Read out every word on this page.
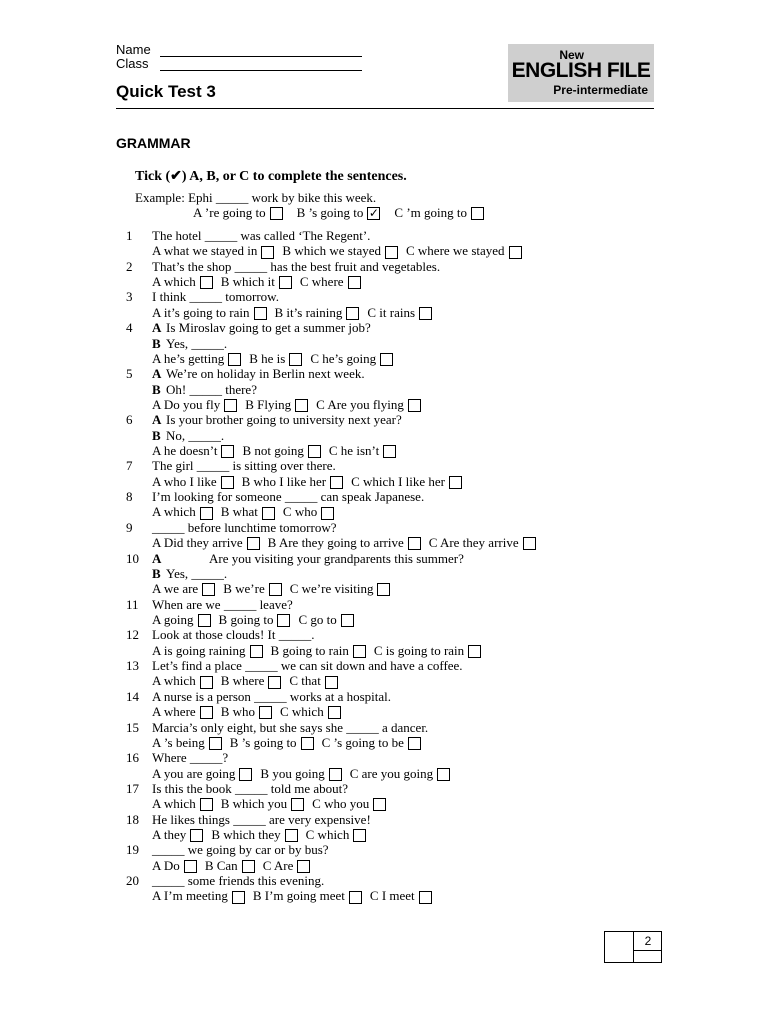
Name
Class
Quick Test 3
New
ENGLISH FILE
Pre-intermediate
GRAMMAR
Tick (✔) A, B, or C to complete the sentences.
Example: Ephi _____ work by bike this week.
A ’re going to B ’s going to ✓ C ’m going to
1	The hotel _____ was called ‘The Regent’.
A what we stayed in B which we stayed C where we stayed
2	That’s the shop _____ has the best fruit and vegetables.
A which B which it C where
3	I think _____ tomorrow.
A it’s going to rain B it’s raining C it rains
4	A Is Miroslav going to get a summer job?
B Yes, _____.
A he’s getting B he is C he’s going
5	A We’re on holiday in Berlin next week.
B Oh! _____ there?
A Do you fly B Flying C Are you flying
6	A Is your brother going to university next year?
B No, _____.
A he doesn’t B not going C he isn’t
7	The girl _____ is sitting over there.
A who I like B who I like her C which I like her
8	I’m looking for someone _____ can speak Japanese.
A which B what C who
9	_____ before lunchtime tomorrow?
A Did they arrive B Are they going to arrive C Are they arrive
10	A	Are you visiting your grandparents this summer?
B Yes, _____.
A we are B we’re C we’re visiting
11	When are we _____ leave?
A going B going to C go to
12	Look at those clouds! It _____.
A is going raining B going to rain C is going to rain
13	Let’s find a place _____ we can sit down and have a coffee.
A which B where C that
14	A nurse is a person _____ works at a hospital.
A where B who C which
15	Marcia’s only eight, but she says she _____ a dancer.
A ’s being B ’s going to C ’s going to be
16	Where _____?
A you are going B you going C are you going
17	Is this the book _____ told me about?
A which B which you C who you
18	He likes things _____ are very expensive!
A they B which they C which
19	_____ we going by car or by bus?
A Do B Can C Are
20	_____ some friends this evening.
A I’m meeting B I’m going meet C I meet
2
